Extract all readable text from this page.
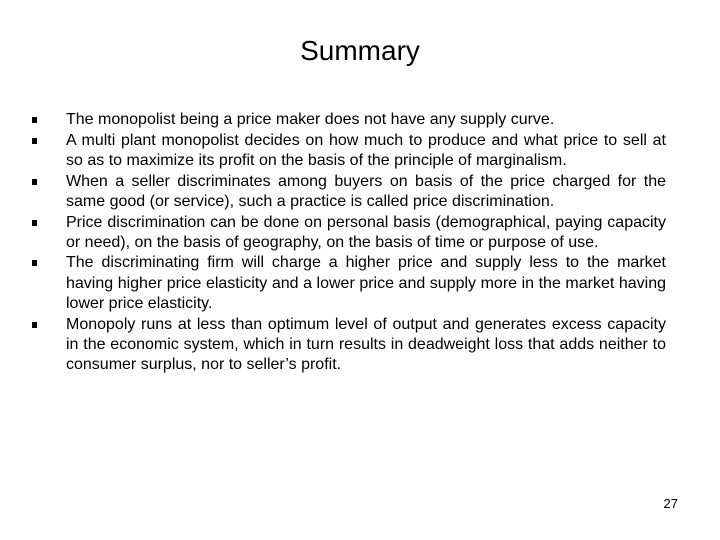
Summary
The monopolist being a price maker does not have any supply curve.
A multi plant monopolist decides on how much to produce and what price to sell at so as to maximize its profit on the basis of the principle of marginalism.
When a seller discriminates among buyers on basis of the price charged for the same good (or service), such a practice is called price discrimination.
Price discrimination can be done on personal basis (demographical, paying capacity or need), on the basis of geography, on the basis of time or purpose of use.
The discriminating firm will charge a higher price and supply less to the market having higher price elasticity and a lower price and supply more in the market having lower price elasticity.
Monopoly runs at less than optimum level of output and generates excess capacity in the economic system, which in turn results in deadweight loss that adds neither to consumer surplus, nor to seller’s profit.
27
